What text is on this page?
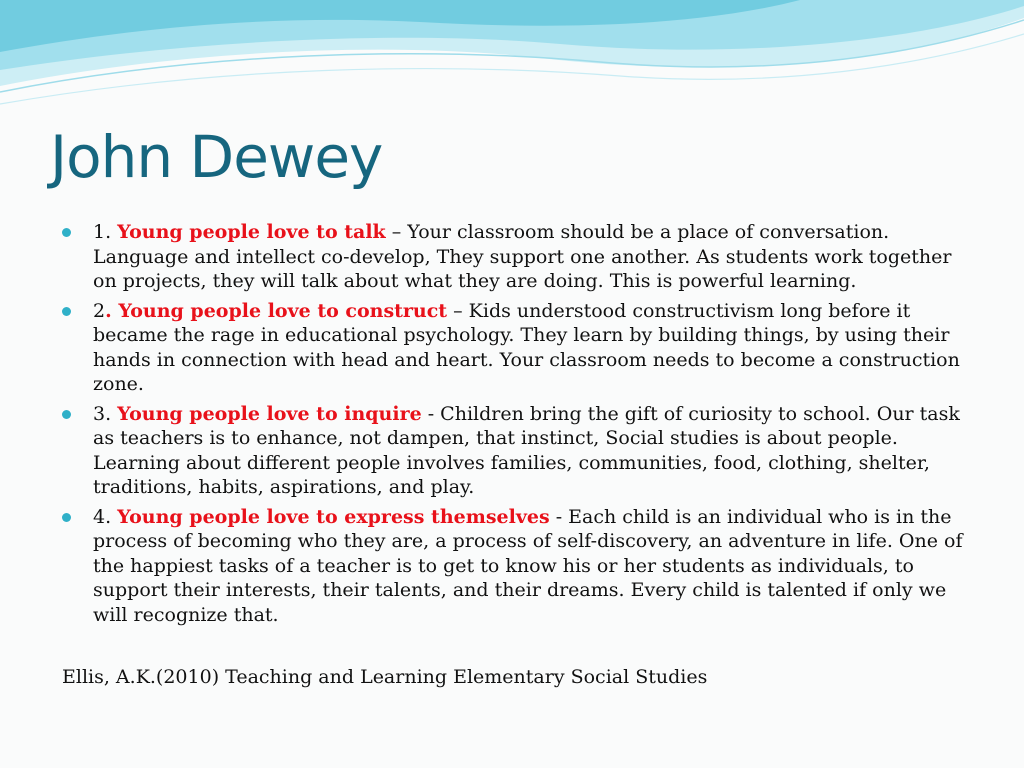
John Dewey
1. Young people love to talk – Your classroom should be a place of conversation. Language and intellect co-develop, They support one another. As students work together on projects, they will talk about what they are doing. This is powerful learning.
2. Young people love to construct – Kids understood constructivism long before it became the rage in educational psychology. They learn by building things, by using their hands in connection with head and heart. Your classroom needs to become a construction zone.
3. Young people love to inquire - Children bring the gift of curiosity to school. Our task as teachers is to enhance, not dampen, that instinct, Social studies is about people. Learning about different people involves families, communities, food, clothing, shelter, traditions, habits, aspirations, and play.
4. Young people love to express themselves - Each child is an individual who is in the process of becoming who they are, a process of self-discovery, an adventure in life. One of the happiest tasks of a teacher is to get to know his or her students as individuals, to support their interests, their talents, and their dreams. Every child is talented if only we will recognize that.

Ellis, A.K.(2010) Teaching and Learning Elementary Social Studies
